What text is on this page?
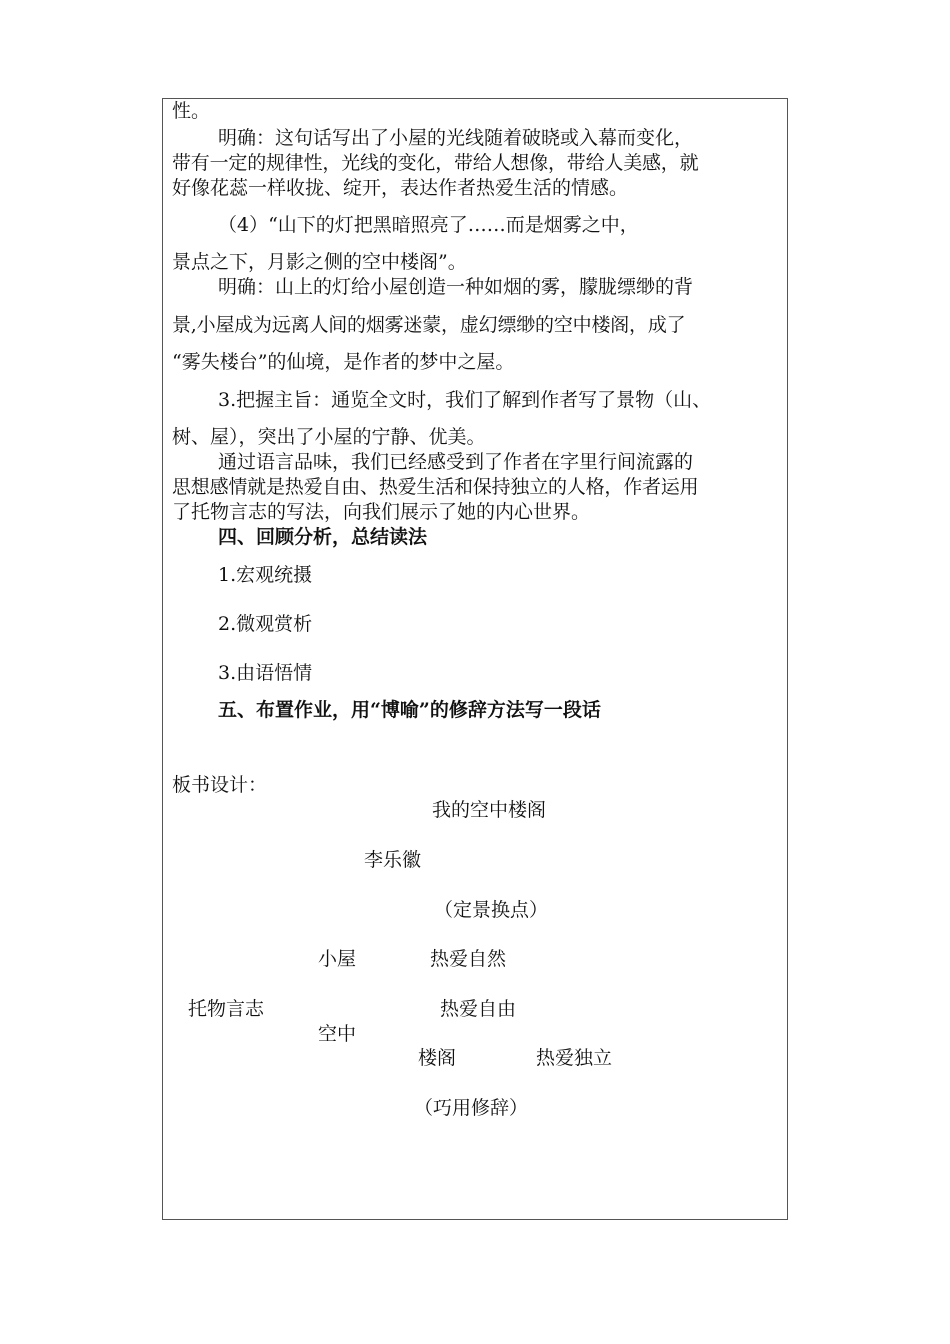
性。
明确：这句话写出了小屋的光线随着破晓或入幕而变化，
带有一定的规律性，光线的变化，带给人想像，带给人美感，就
好像花蕊一样收拢、绽开，表达作者热爱生活的情感。
（4）“山下的灯把黑暗照亮了……而是烟雾之中，
景点之下，月影之侧的空中楼阁”。
明确：山上的灯给小屋创造一种如烟的雾，朦胧缥缈的背
景,小屋成为远离人间的烟雾迷蒙，虚幻缥缈的空中楼阁，成了
“雾失楼台”的仙境，是作者的梦中之屋。
3.把握主旨：通览全文时，我们了解到作者写了景物（山、
树、屋），突出了小屋的宁静、优美。
通过语言品味，我们已经感受到了作者在字里行间流露的
思想感情就是热爱自由、热爱生活和保持独立的人格，作者运用
了托物言志的写法，向我们展示了她的内心世界。
四、回顾分析，总结读法
1.宏观统摄
2.微观赏析
3.由语悟情
五、布置作业，用“博喻”的修辞方法写一段话
板书设计：
我的空中楼阁
李乐徽
（定景换点）
小屋	热爱自然
托物言志	热爱自由
空中
楼阁	热爱独立
（巧用修辞）
